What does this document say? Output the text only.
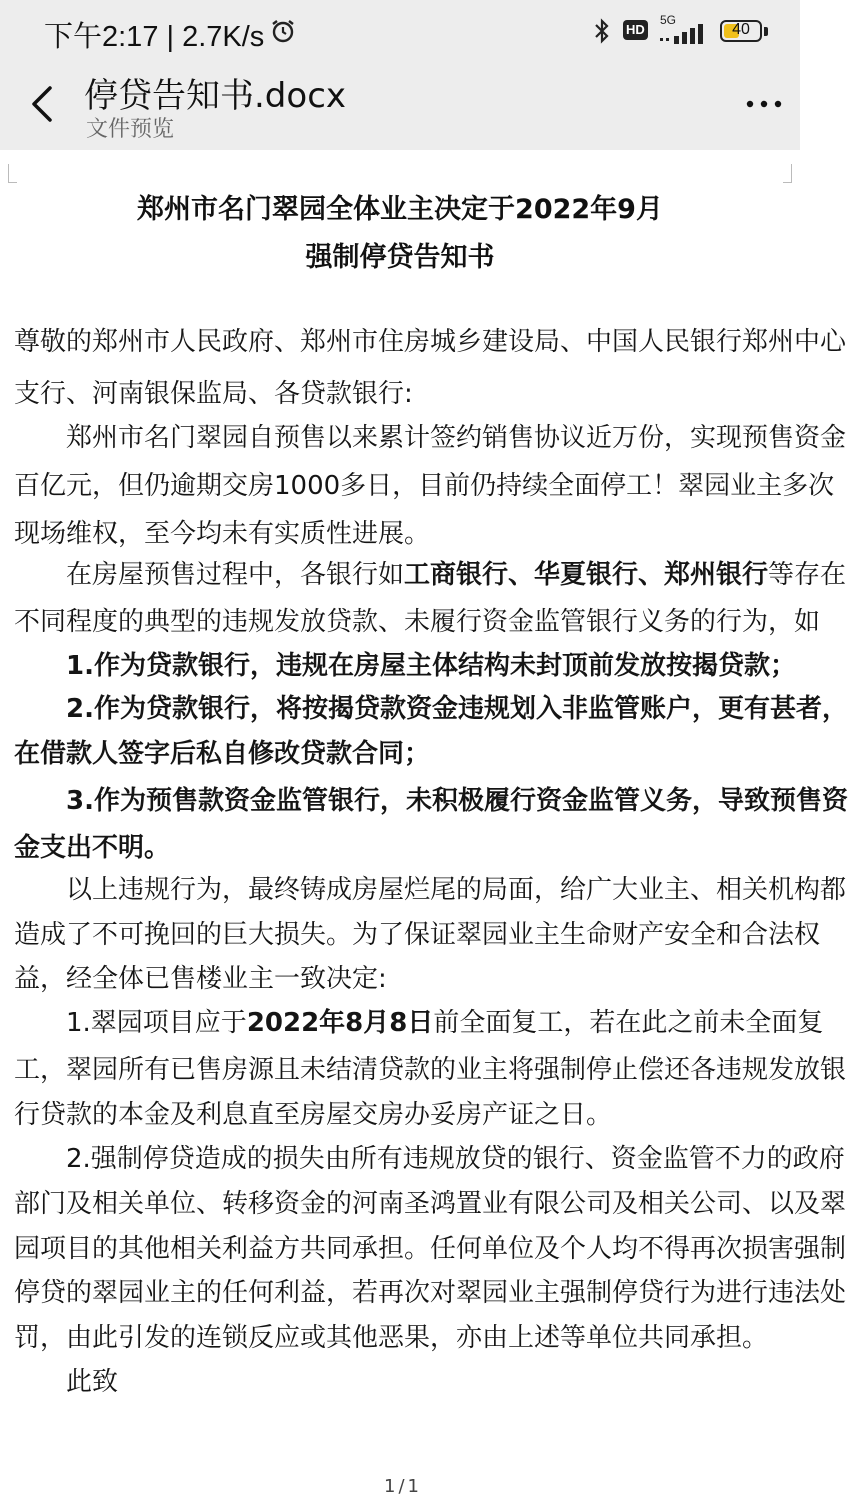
下午2:17 | 2.7K/s	HD
5G
40
停贷告知书.docx
文件预览
郑州市名门翠园全体业主决定于2022年9月
强制停贷告知书
尊敬的郑州市人民政府、郑州市住房城乡建设局、中国人民银行郑州中心
支行、河南银保监局、各贷款银行:
郑州市名门翠园自预售以来累计签约销售协议近万份，实现预售资金
百亿元，但仍逾期交房1000多日，目前仍持续全面停工！翠园业主多次
现场维权，至今均未有实质性进展。
在房屋预售过程中，各银行如工商银行、华夏银行、郑州银行等存在
不同程度的典型的违规发放贷款、未履行资金监管银行义务的行为，如
1.作为贷款银行，违规在房屋主体结构未封顶前发放按揭贷款；
2.作为贷款银行，将按揭贷款资金违规划入非监管账户，更有甚者，
在借款人签字后私自修改贷款合同；
3.作为预售款资金监管银行，未积极履行资金监管义务，导致预售资
金支出不明。
以上违规行为，最终铸成房屋烂尾的局面，给广大业主、相关机构都
造成了不可挽回的巨大损失。为了保证翠园业主生命财产安全和合法权
益，经全体已售楼业主一致决定:
1.翠园项目应于2022年8月8日前全面复工，若在此之前未全面复
工，翠园所有已售房源且未结清贷款的业主将强制停止偿还各违规发放银
行贷款的本金及利息直至房屋交房办妥房产证之日。
2.强制停贷造成的损失由所有违规放贷的银行、资金监管不力的政府
部门及相关单位、转移资金的河南圣鸿置业有限公司及相关公司、以及翠
园项目的其他相关利益方共同承担。任何单位及个人均不得再次损害强制
停贷的翠园业主的任何利益，若再次对翠园业主强制停贷行为进行违法处
罚，由此引发的连锁反应或其他恶果，亦由上述等单位共同承担。
此致
1/1
